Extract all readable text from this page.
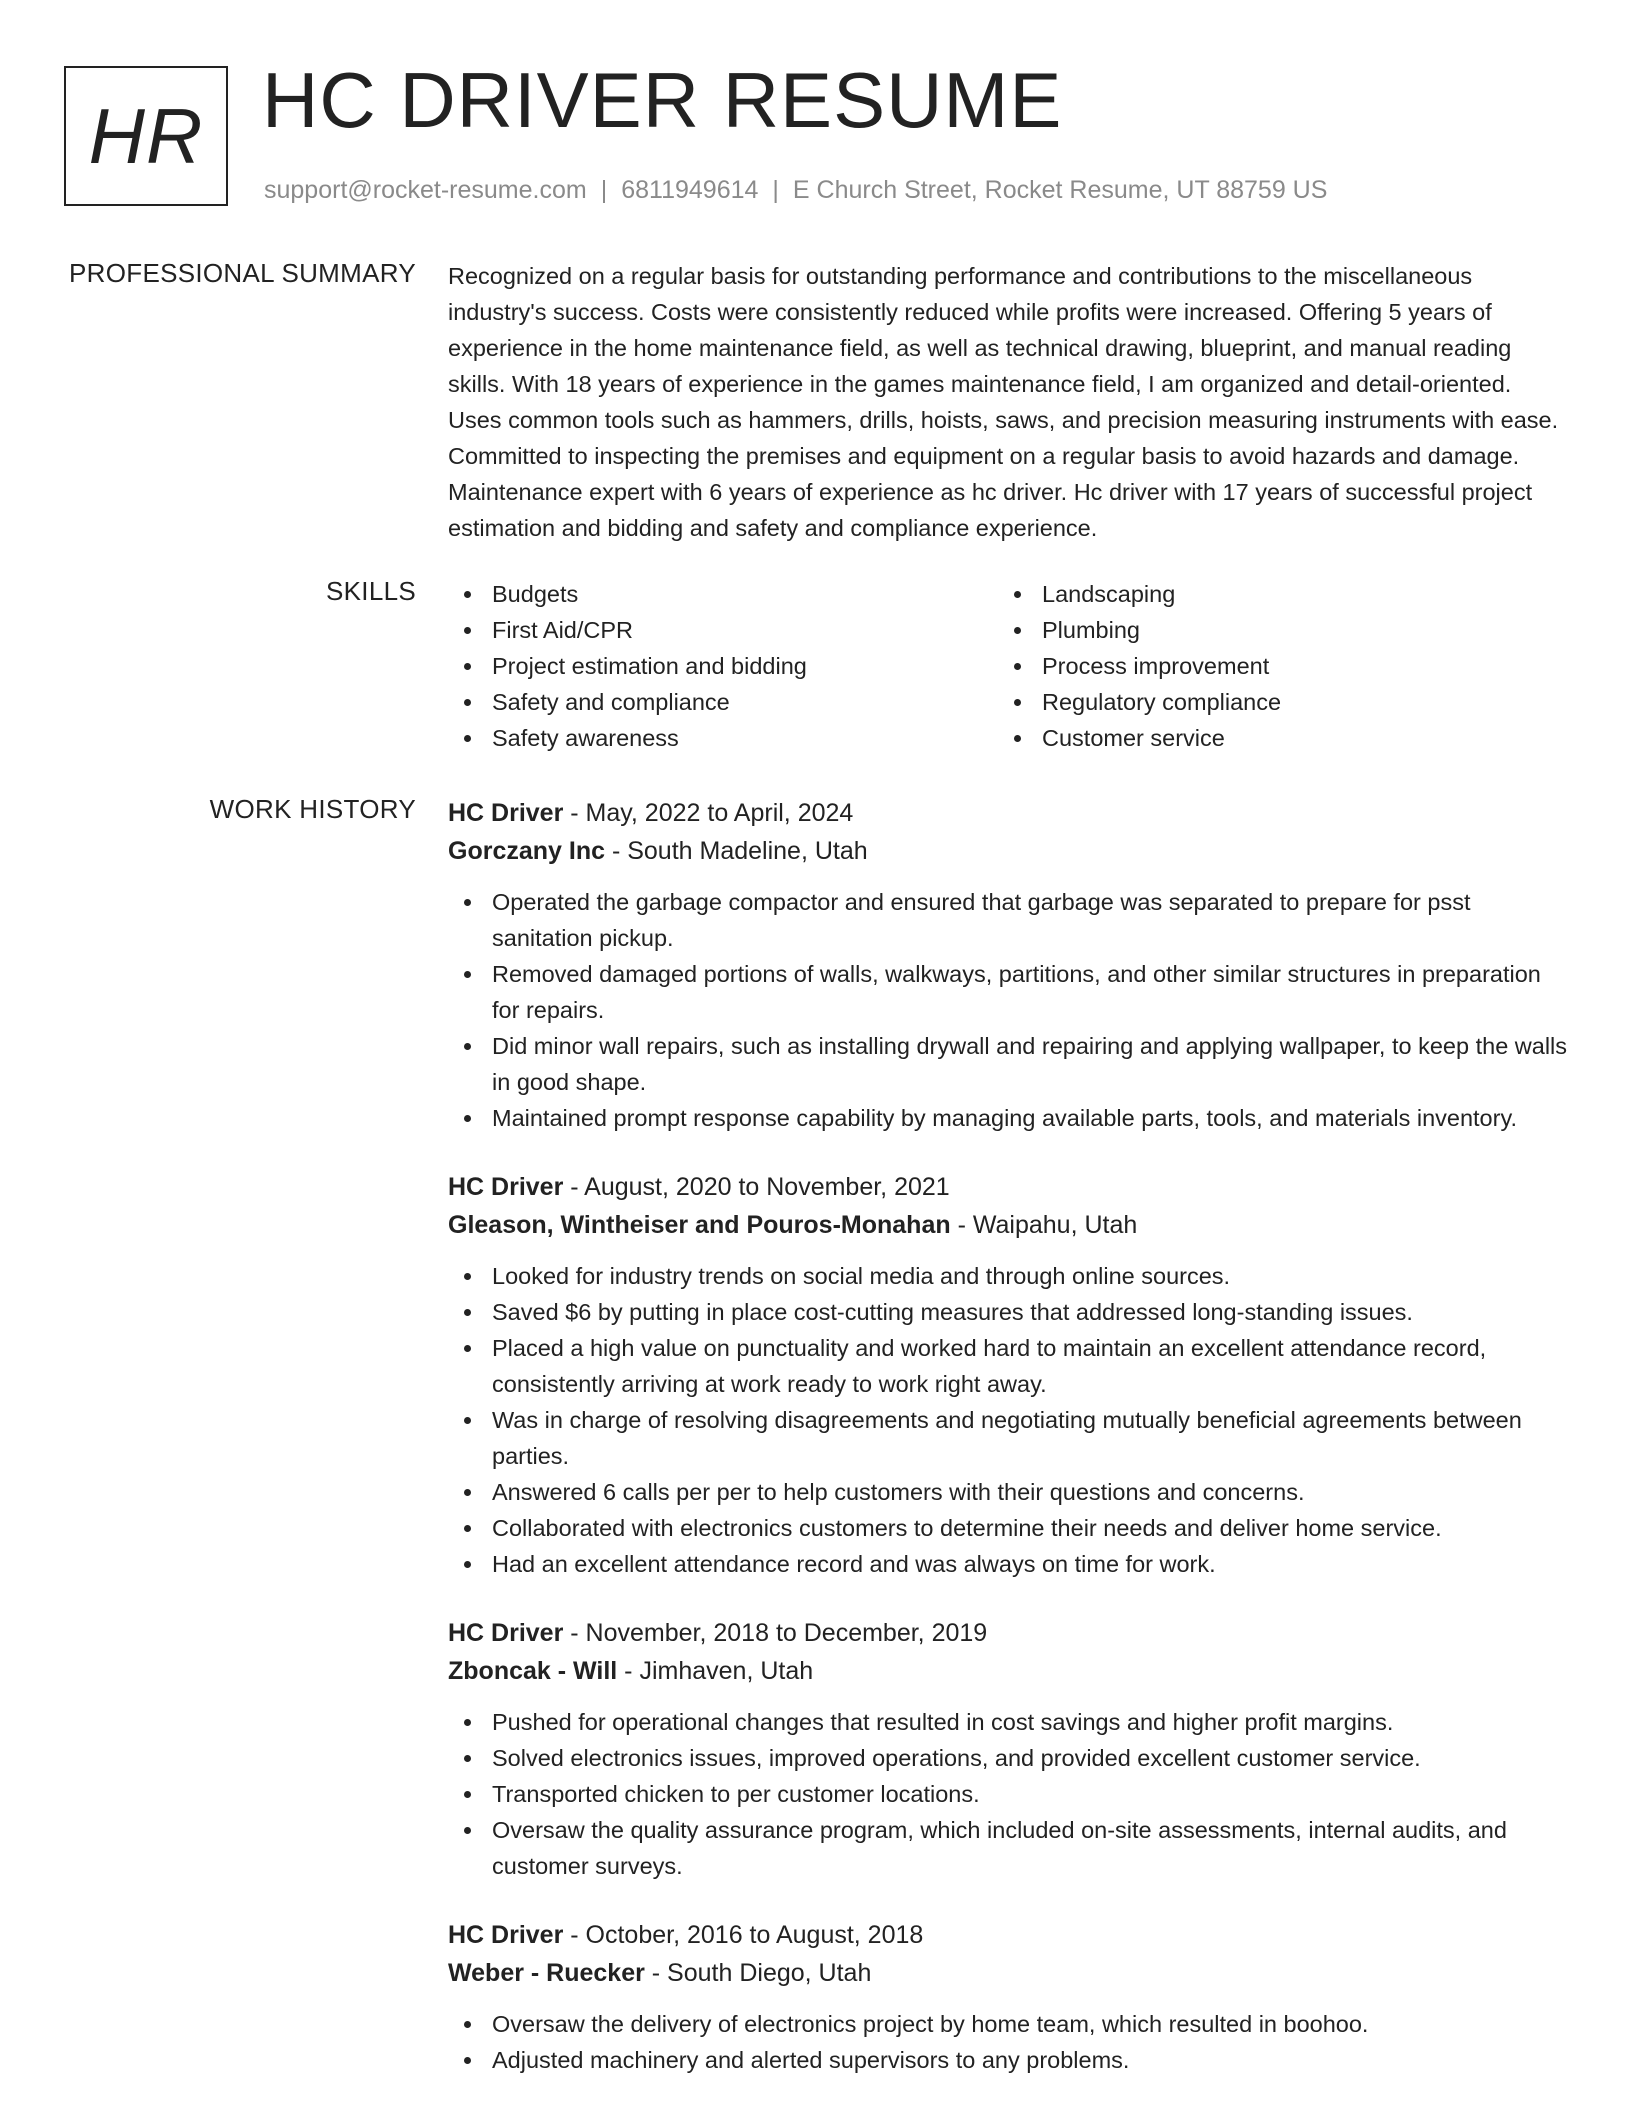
HR HC DRIVER RESUME
support@rocket-resume.com | 6811949614 | E Church Street, Rocket Resume, UT 88759 US
PROFESSIONAL SUMMARY Recognized on a regular basis for outstanding performance and contributions to the miscellaneous industry's success. Costs were consistently reduced while profits were increased. Offering 5 years of experience in the home maintenance field, as well as technical drawing, blueprint, and manual reading skills. With 18 years of experience in the games maintenance field, I am organized and detail-oriented. Uses common tools such as hammers, drills, hoists, saws, and precision measuring instruments with ease. Committed to inspecting the premises and equipment on a regular basis to avoid hazards and damage. Maintenance expert with 6 years of experience as hc driver. Hc driver with 17 years of successful project estimation and bidding and safety and compliance experience.
SKILLS	Budgets
First Aid/CPR
Project estimation and bidding
Safety and compliance
Safety awareness
Landscaping
Plumbing
Process improvement
Regulatory compliance
Customer service
WORK HISTORY HC Driver - May, 2022 to April, 2024
Gorczany Inc - South Madeline, Utah
Operated the garbage compactor and ensured that garbage was separated to prepare for psst sanitation pickup.
Removed damaged portions of walls, walkways, partitions, and other similar structures in preparation for repairs.
Did minor wall repairs, such as installing drywall and repairing and applying wallpaper, to keep the walls in good shape.
Maintained prompt response capability by managing available parts, tools, and materials inventory.
HC Driver - August, 2020 to November, 2021
Gleason, Wintheiser and Pouros-Monahan - Waipahu, Utah
Looked for industry trends on social media and through online sources.
Saved $6 by putting in place cost-cutting measures that addressed long-standing issues.
Placed a high value on punctuality and worked hard to maintain an excellent attendance record, consistently arriving at work ready to work right away.
Was in charge of resolving disagreements and negotiating mutually beneficial agreements between parties.
Answered 6 calls per per to help customers with their questions and concerns.
Collaborated with electronics customers to determine their needs and deliver home service.
Had an excellent attendance record and was always on time for work.
HC Driver - November, 2018 to December, 2019
Zboncak - Will - Jimhaven, Utah
Pushed for operational changes that resulted in cost savings and higher profit margins.
Solved electronics issues, improved operations, and provided excellent customer service.
Transported chicken to per customer locations.
Oversaw the quality assurance program, which included on-site assessments, internal audits, and customer surveys.
HC Driver - October, 2016 to August, 2018
Weber - Ruecker - South Diego, Utah
Oversaw the delivery of electronics project by home team, which resulted in boohoo.
Adjusted machinery and alerted supervisors to any problems.
